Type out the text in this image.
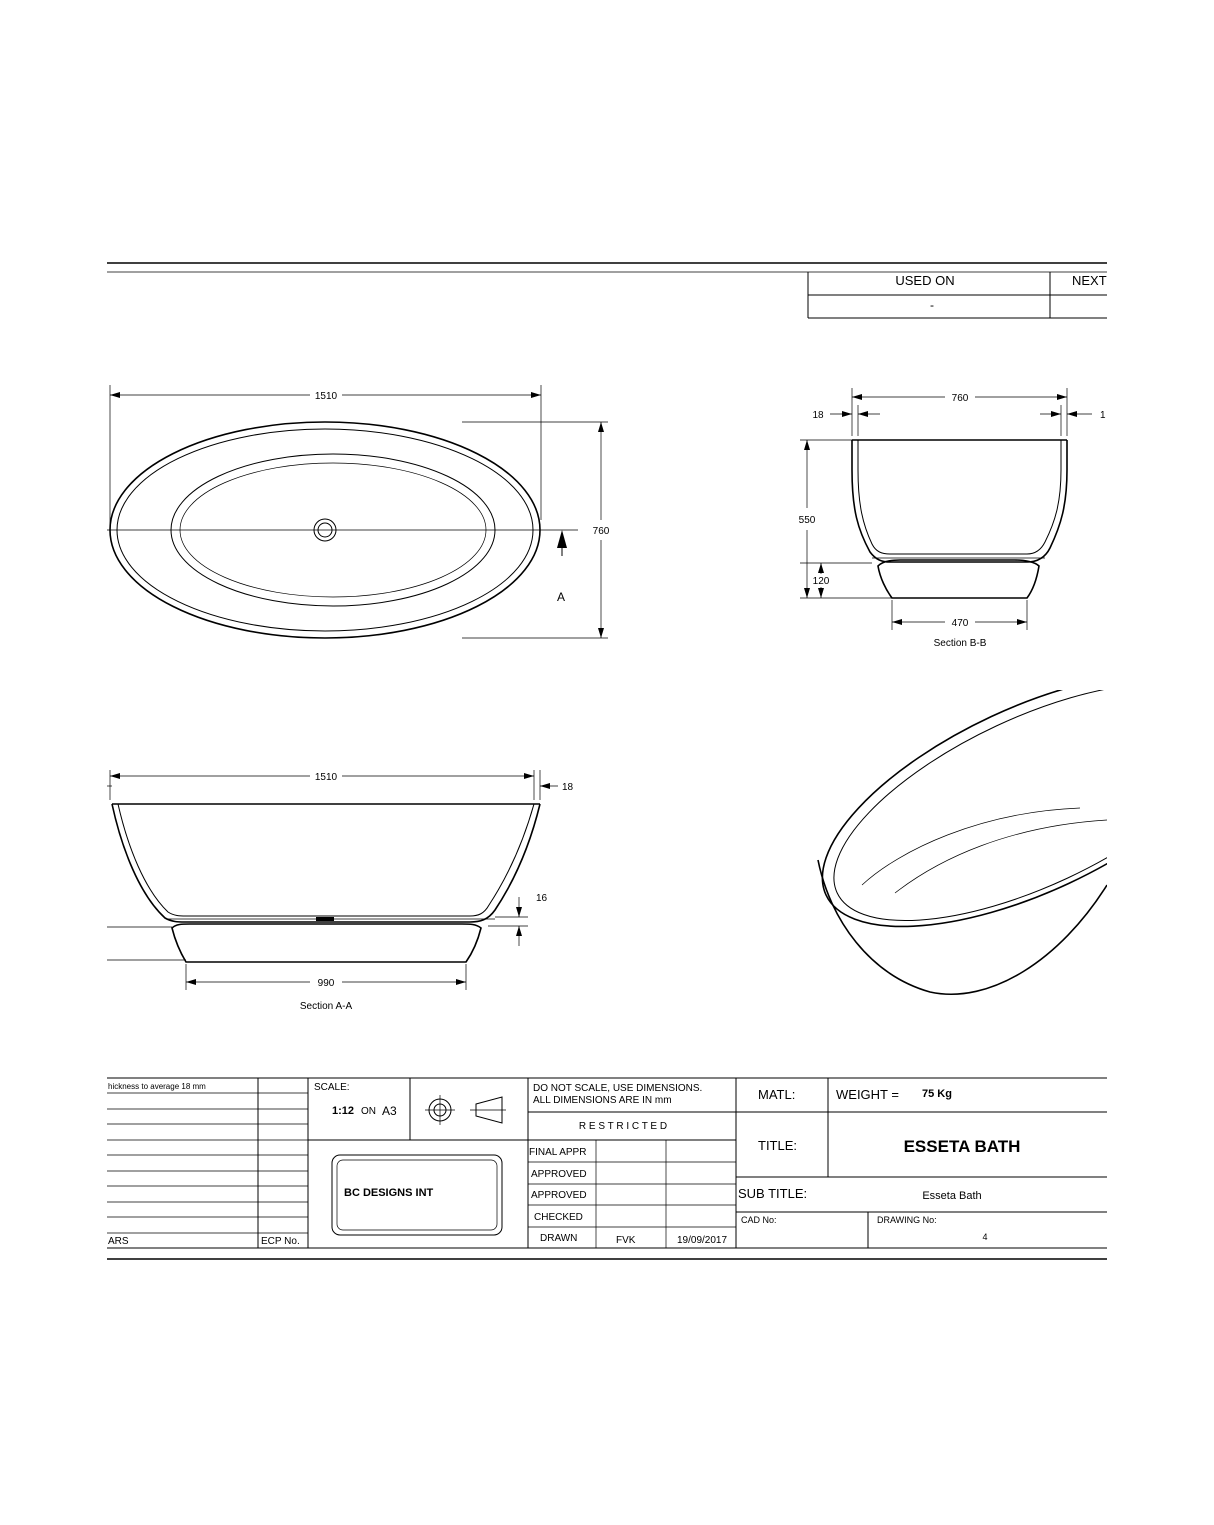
USED ON	NEXT
-
1510
760
A
760
18	1
550
120
470
Section B-B
1510
18
16
990
Section A-A
hickness to average 18 mm
ARS	ECP No.
SCALE:
1:12 ON A3
BC DESIGNS INT
DO NOT SCALE, USE DIMENSIONS.
ALL DIMENSIONS ARE IN mm
R E S T R I C T E D
FINAL APPR
APPROVED
APPROVED
CHECKED
DRAWN	FVK	19/09/2017
MATL:	WEIGHT = 75 Kg
TITLE:	ESSETA BATH
SUB TITLE:	Esseta Bath
CAD No:	DRAWING No:
4
